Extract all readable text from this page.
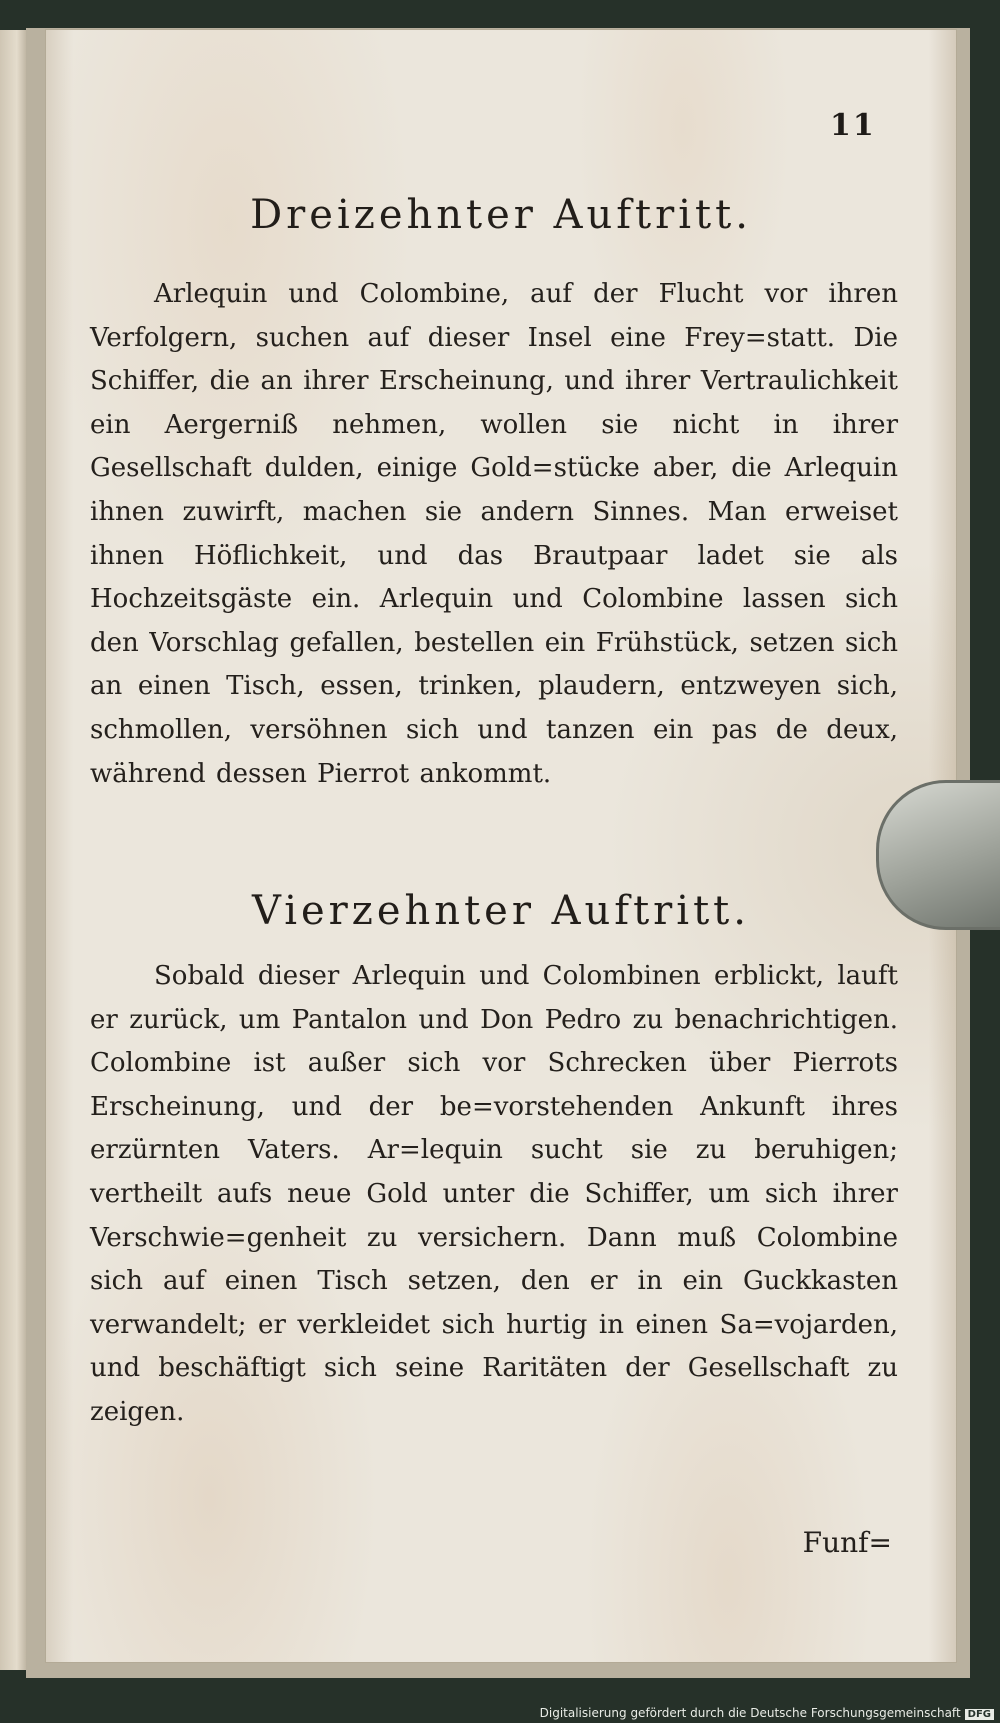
11
Dreizehnter Auftritt.

Arlequin und Colombine, auf der Flucht vor ihren Verfolgern, suchen auf dieser Insel eine Frey=statt. Die Schiffer, die an ihrer Erscheinung, und ihrer Vertraulichkeit ein Aergerniß nehmen, wollen sie nicht in ihrer Gesellschaft dulden, einige Gold=stücke aber, die Arlequin ihnen zuwirft, machen sie andern Sinnes. Man erweiset ihnen Höflichkeit, und das Brautpaar ladet sie als Hochzeitsgäste ein. Arlequin und Colombine lassen sich den Vorschlag gefallen, bestellen ein Frühstück, setzen sich an einen Tisch, essen, trinken, plaudern, entzweyen sich, schmollen, versöhnen sich und tanzen ein pas de deux, während dessen Pierrot ankommt.

Vierzehnter Auftritt.

Sobald dieser Arlequin und Colombinen erblickt, lauft er zurück, um Pantalon und Don Pedro zu benachrichtigen. Colombine ist außer sich vor Schrecken über Pierrots Erscheinung, und der be=vorstehenden Ankunft ihres erzürnten Vaters. Ar=lequin sucht sie zu beruhigen; vertheilt aufs neue Gold unter die Schiffer, um sich ihrer Verschwie=genheit zu versichern. Dann muß Colombine sich auf einen Tisch setzen, den er in ein Guckkasten verwandelt; er verkleidet sich hurtig in einen Sa=vojarden, und beschäftigt sich seine Raritäten der Gesellschaft zu zeigen.

Funf=
Digitalisierung gefördert durch die Deutsche Forschungsgemeinschaft DFG
